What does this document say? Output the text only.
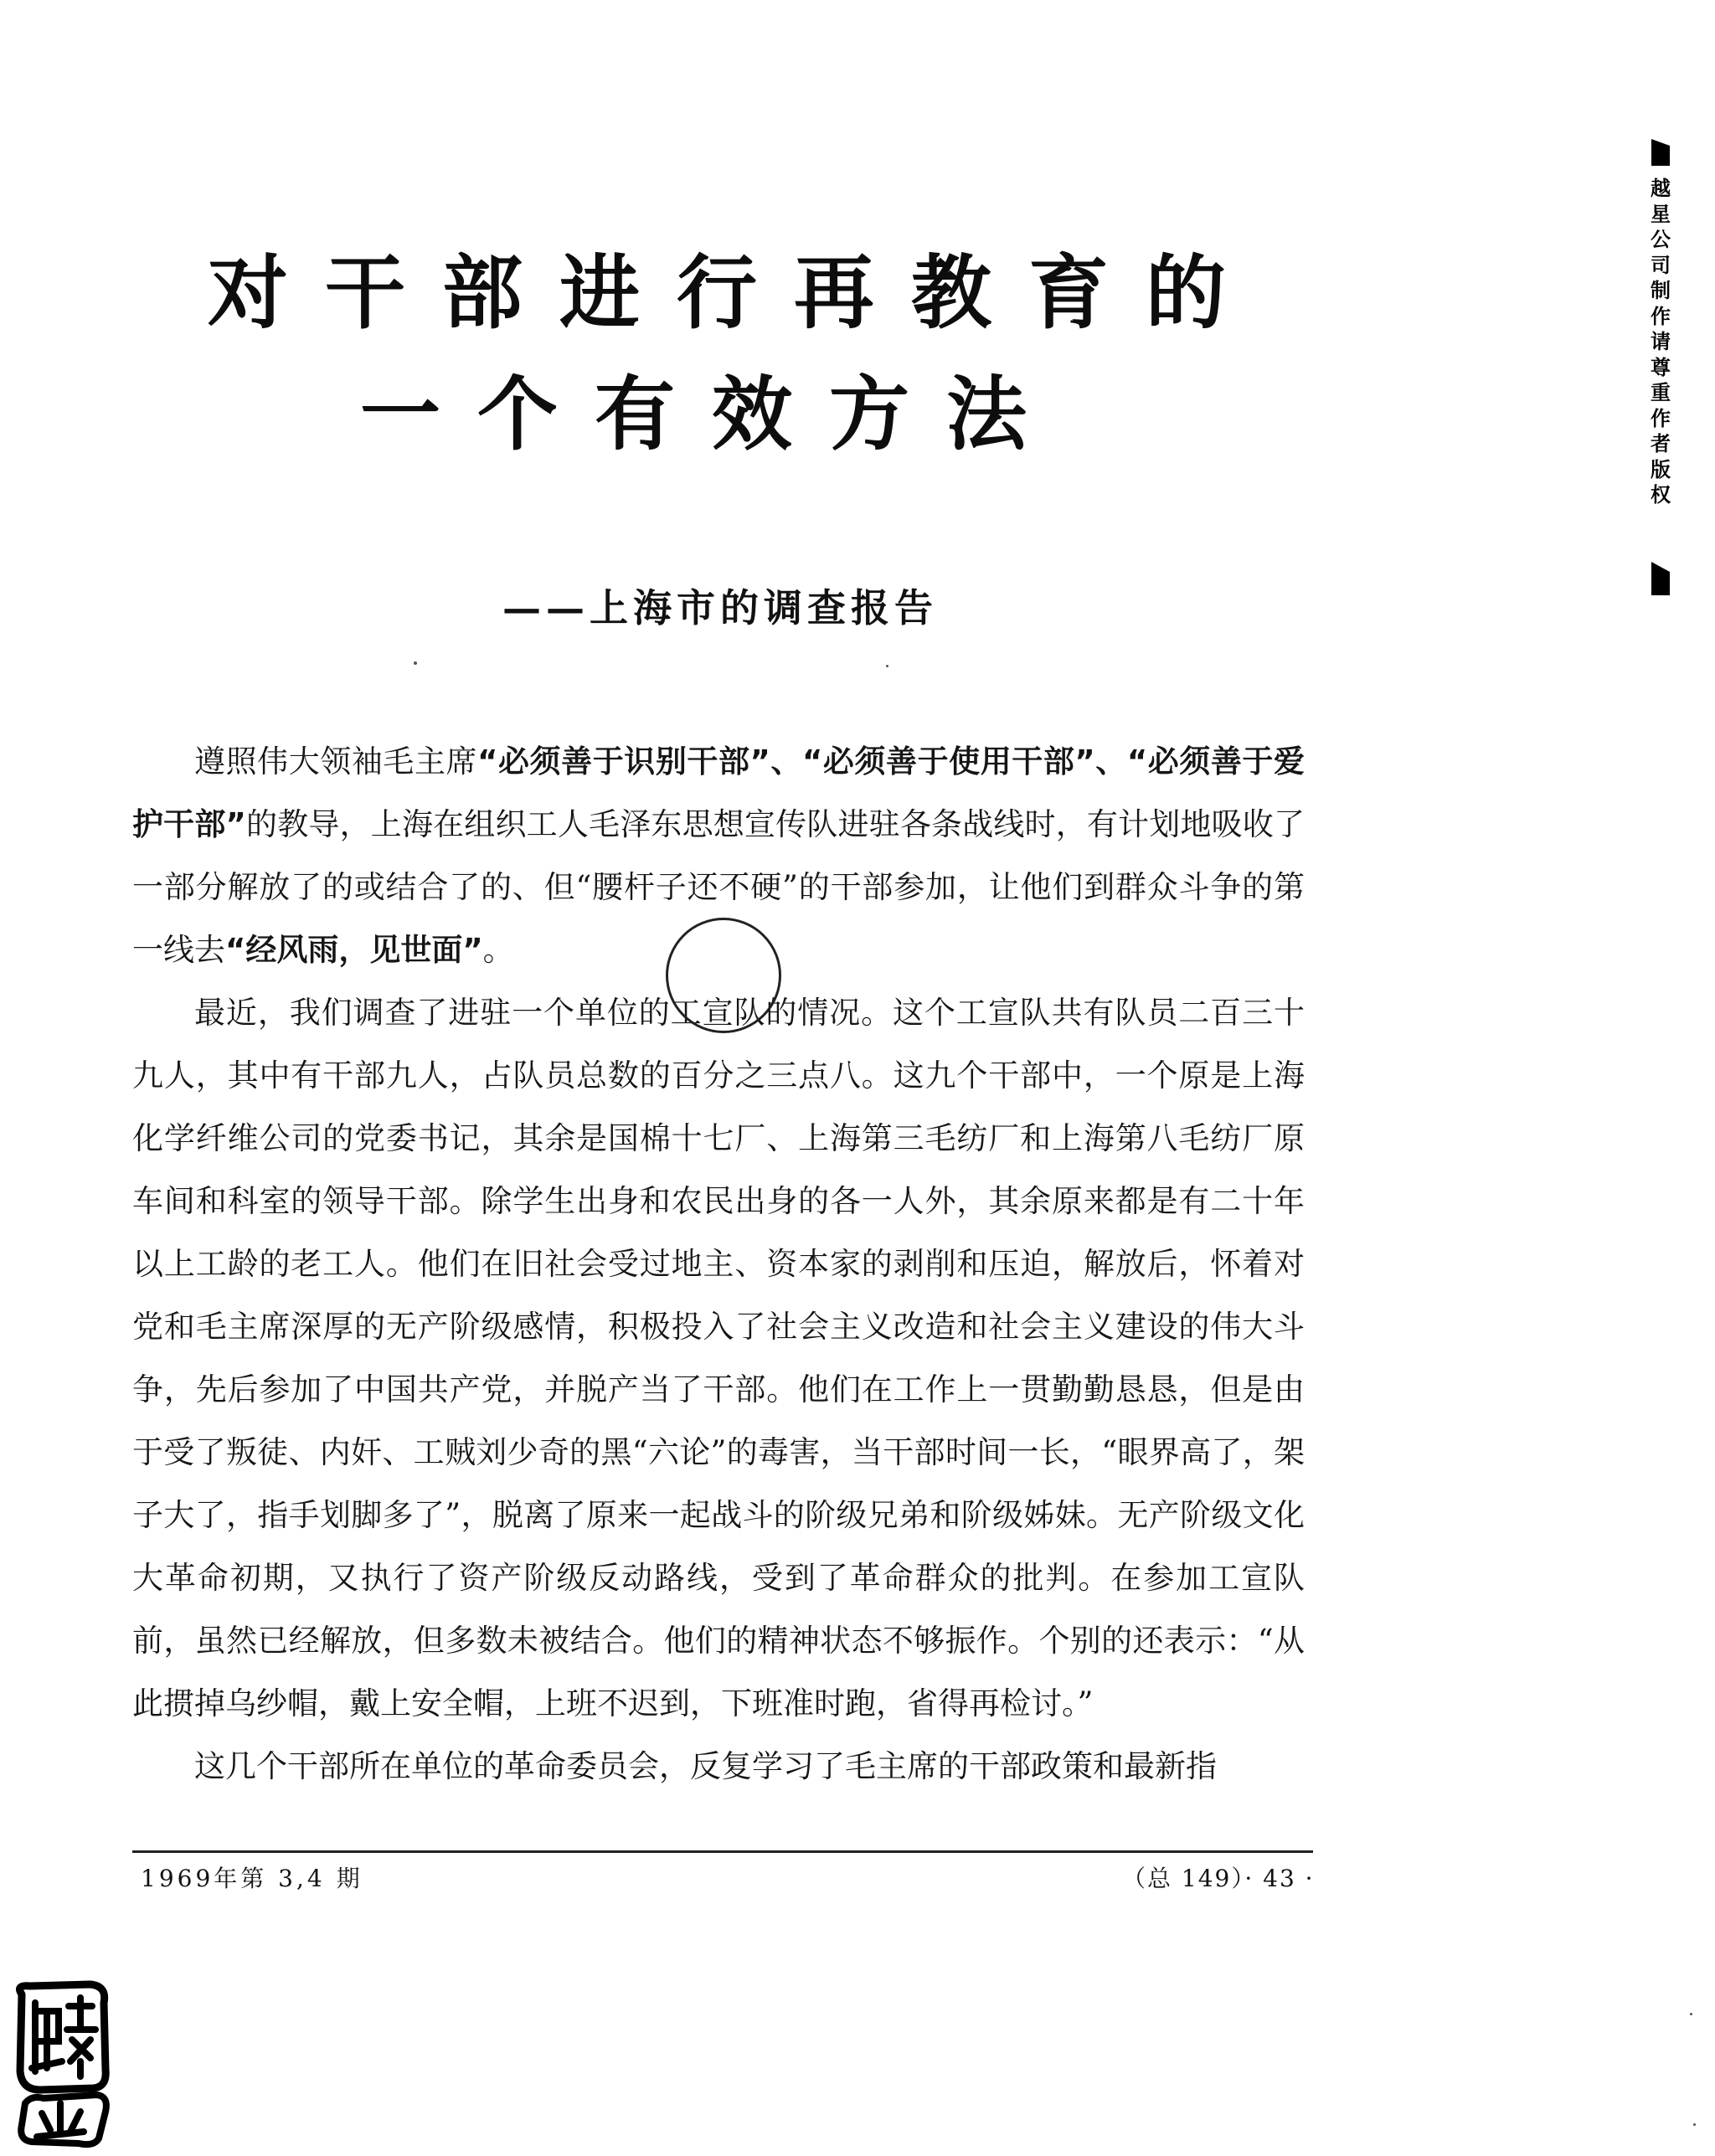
对干部进行再教育的
一个有效方法
——上海市的调查报告

遵照伟大领袖毛主席“必须善于识别干部”、“必须善于使用干部”、“必须善于爱护干部”的教导，上海在组织工人毛泽东思想宣传队进驻各条战线时，有计划地吸收了一部分解放了的或结合了的、但“腰杆子还不硬”的干部参加，让他们到群众斗争的第一线去“经风雨，见世面”。

最近，我们调查了进驻一个单位的工宣队的情况。这个工宣队共有队员二百三十九人，其中有干部九人，占队员总数的百分之三点八。这九个干部中，一个原是上海化学纤维公司的党委书记，其余是国棉十七厂、上海第三毛纺厂和上海第八毛纺厂原车间和科室的领导干部。除学生出身和农民出身的各一人外，其余原来都是有二十年以上工龄的老工人。他们在旧社会受过地主、资本家的剥削和压迫，解放后，怀着对党和毛主席深厚的无产阶级感情，积极投入了社会主义改造和社会主义建设的伟大斗争，先后参加了中国共产党，并脱产当了干部。他们在工作上一贯勤勤恳恳，但是由于受了叛徒、内奸、工贼刘少奇的黑“六论”的毒害，当干部时间一长，“眼界高了，架子大了，指手划脚多了”，脱离了原来一起战斗的阶级兄弟和阶级姊妹。无产阶级文化大革命初期，又执行了资产阶级反动路线，受到了革命群众的批判。在参加工宣队前，虽然已经解放，但多数未被结合。他们的精神状态不够振作。个别的还表示：“从此掼掉乌纱帽，戴上安全帽，上班不迟到，下班准时跑，省得再检讨。”

这几个干部所在单位的革命委员会，反复学习了毛主席的干部政策和最新指

1969年第 3,4 期	（总 149）· 43 ·
越星公司制作 请尊重作者版权
